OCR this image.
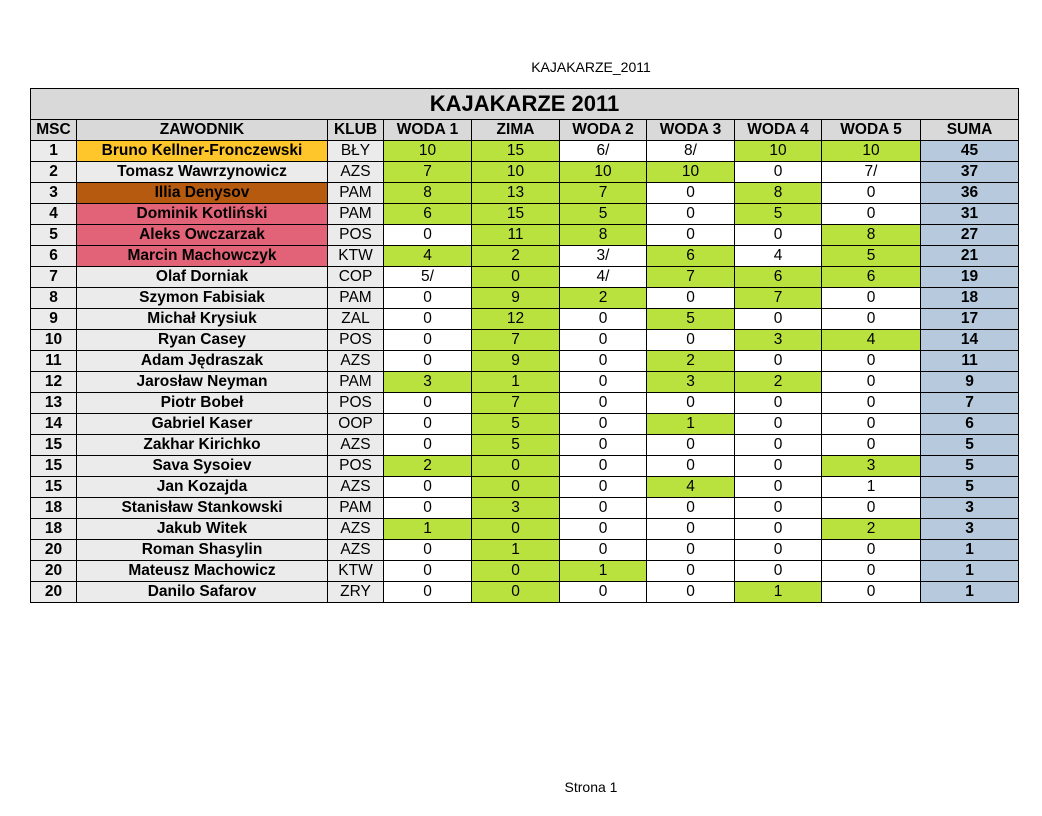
KAJAKARZE_2011
KAJAKARZE 2011									
MSC	ZAWODNIK	KLUB	WODA 1	ZIMA	WODA 2	WODA 3	WODA 4	WODA 5	SUMA
1	Bruno Kellner-Fronczewski	BŁY	10	15	6/	8/	10	10	45
2	Tomasz Wawrzynowicz	AZS	7	10	10	10	0	7/	37
3	Illia Denysov	PAM	8	13	7	0	8	0	36
4	Dominik Kotliński	PAM	6	15	5	0	5	0	31
5	Aleks Owczarzak	POS	0	11	8	0	0	8	27
6	Marcin Machowczyk	KTW	4	2	3/	6	4	5	21
7	Olaf Dorniak	COP	5/	0	4/	7	6	6	19
8	Szymon Fabisiak	PAM	0	9	2	0	7	0	18
9	Michał Krysiuk	ZAL	0	12	0	5	0	0	17
10	Ryan Casey	POS	0	7	0	0	3	4	14
11	Adam Jędraszak	AZS	0	9	0	2	0	0	11
12	Jarosław Neyman	PAM	3	1	0	3	2	0	9
13	Piotr Bobeł	POS	0	7	0	0	0	0	7
14	Gabriel Kaser	OOP	0	5	0	1	0	0	6
15	Zakhar Kirichko	AZS	0	5	0	0	0	0	5
15	Sava Sysoiev	POS	2	0	0	0	0	3	5
15	Jan Kozajda	AZS	0	0	0	4	0	1	5
18	Stanisław Stankowski	PAM	0	3	0	0	0	0	3
18	Jakub Witek	AZS	1	0	0	0	0	2	3
20	Roman Shasylin	AZS	0	1	0	0	0	0	1
20	Mateusz Machowicz	KTW	0	0	1	0	0	0	1
20	Danilo Safarov	ZRY	0	0	0	0	1	0	1
Strona 1
